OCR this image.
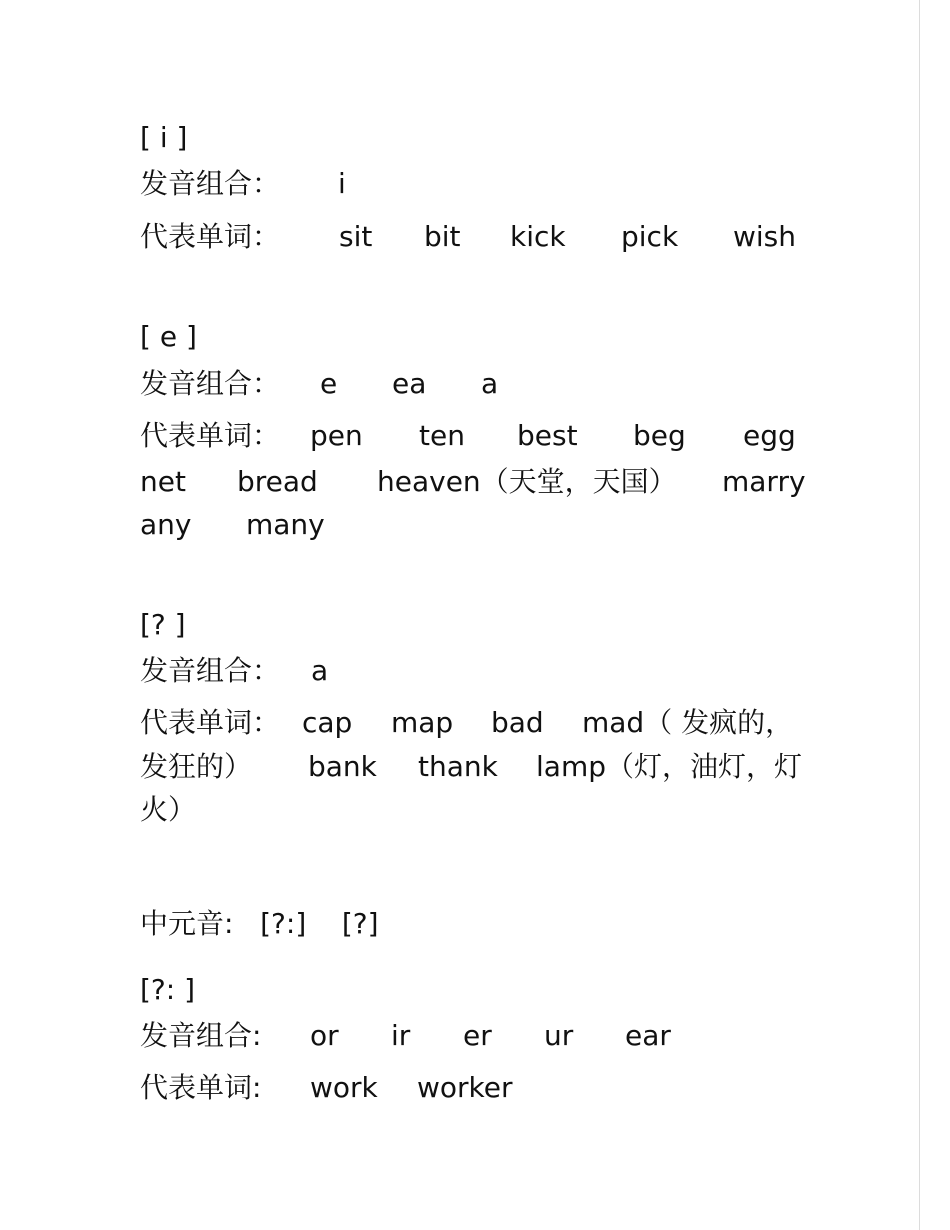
[ i ]
发音组合： i
代表单词： sit bit kick pick wish
[ e ]
发音组合： e ea a
代表单词： pen ten best beg egg
net bread heaven（天堂，天国） marry
any many
[? ]
发音组合： a
代表单词： cap map bad mad（ 发疯的，
发狂的） bank thank lamp（灯，油灯，灯
火）
中元音:   [?:]    [?]
[?: ]
发音组合: or ir er ur ear
代表单词: work worker
